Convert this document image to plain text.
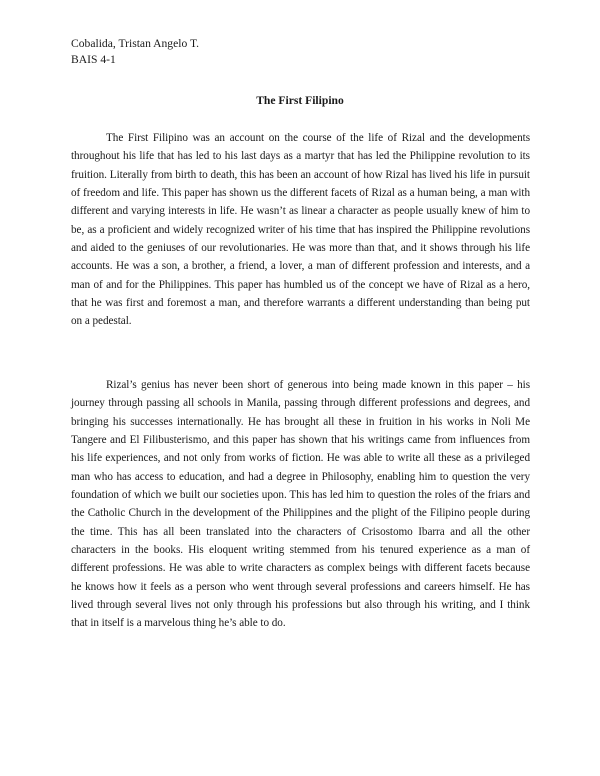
Cobalida, Tristan Angelo T.
BAIS 4-1
The First Filipino

The First Filipino was an account on the course of the life of Rizal and the developments throughout his life that has led to his last days as a martyr that has led the Philippine revolution to its fruition. Literally from birth to death, this has been an account of how Rizal has lived his life in pursuit of freedom and life. This paper has shown us the different facets of Rizal as a human being, a man with different and varying interests in life. He wasn’t as linear a character as people usually knew of him to be, as a proficient and widely recognized writer of his time that has inspired the Philippine revolutions and aided to the geniuses of our revolutionaries. He was more than that, and it shows through his life accounts. He was a son, a brother, a friend, a lover, a man of different profession and interests, and a man of and for the Philippines. This paper has humbled us of the concept we have of Rizal as a hero, that he was first and foremost a man, and therefore warrants a different understanding than being put on a pedestal.

Rizal’s genius has never been short of generous into being made known in this paper – his journey through passing all schools in Manila, passing through different professions and degrees, and bringing his successes internationally. He has brought all these in fruition in his works in Noli Me Tangere and El Filibusterismo, and this paper has shown that his writings came from influences from his life experiences, and not only from works of fiction. He was able to write all these as a privileged man who has access to education, and had a degree in Philosophy, enabling him to question the very foundation of which we built our societies upon. This has led him to question the roles of the friars and the Catholic Church in the development of the Philippines and the plight of the Filipino people during the time. This has all been translated into the characters of Crisostomo Ibarra and all the other characters in the books. His eloquent writing stemmed from his tenured experience as a man of different professions. He was able to write characters as complex beings with different facets because he knows how it feels as a person who went through several professions and careers himself. He has lived through several lives not only through his professions but also through his writing, and I think that in itself is a marvelous thing he’s able to do.
